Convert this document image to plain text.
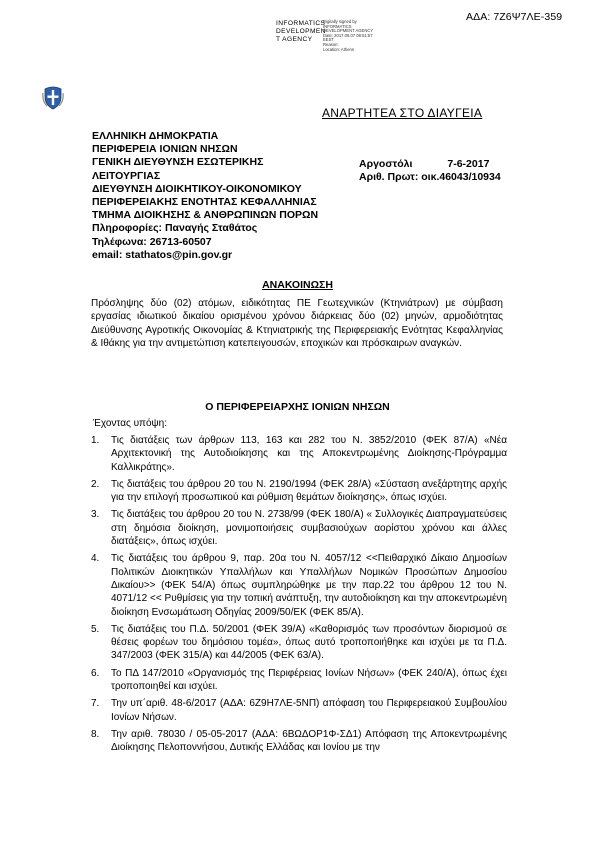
ΑΔΑ: 7Ζ6Ψ7ΛΕ-359
INFORMATICS
DEVELOPMEN
T AGENCY
Digitally signed by
INFORMATICS
DEVELOPMENT AGENCY
Date: 2017.06.07 08:51:57
EEST
Reason:
Location: Athens
ΑΝΑΡΤΗΤΕΑ ΣΤΟ ΔΙΑΥΓΕΙΑ
ΕΛΛΗΝΙΚΗ ΔΗΜΟΚΡΑΤΙΑ
ΠΕΡΙΦΕΡΕΙΑ ΙΟΝΙΩΝ ΝΗΣΩΝ
ΓΕΝΙΚΗ ΔΙΕΥΘΥΝΣΗ ΕΣΩΤΕΡΙΚΗΣ
ΛΕΙΤΟΥΡΓΙΑΣ
ΔΙΕΥΘΥΝΣΗ ΔΙΟΙΚΗΤΙΚΟΥ-ΟΙΚΟΝΟΜΙΚΟΥ
ΠΕΡΙΦΕΡΕΙΑΚΗΣ ΕΝΟΤΗΤΑΣ ΚΕΦΑΛΛΗΝΙΑΣ
ΤΜΗΜΑ ΔΙΟΙΚΗΣΗΣ & ΑΝΘΡΩΠΙΝΩΝ ΠΟΡΩΝ
Πληροφορίες: Παναγής Σταθάτος
Τηλέφωνα: 26713-60507
email: stathatos@pin.gov.gr
Αργοστόλι            7-6-2017
Αριθ. Πρωτ: οικ.46043/10934
ΑΝΑΚΟΙΝΩΣΗ
Πρόσληψης δύο (02) ατόμων, ειδικότητας ΠΕ Γεωτεχνικών (Κτηνιάτρων) με σύμβαση εργασίας ιδιωτικού δικαίου ορισμένου χρόνου διάρκειας δύο (02) μηνών, αρμοδιότητας Διεύθυνσης Αγροτικής Οικονομίας & Κτηνιατρικής της Περιφερειακής Ενότητας Κεφαλληνίας & Ιθάκης για την αντιμετώπιση κατεπειγουσών, εποχικών και πρόσκαιρων αναγκών.
Ο ΠΕΡΙΦΕΡΕΙΑΡΧΗΣ ΙΟΝΙΩΝ ΝΗΣΩΝ
Έχοντας υπόψη:
1. Τις διατάξεις των άρθρων 113, 163 και 282 του Ν. 3852/2010 (ΦΕΚ 87/Α) «Νέα Αρχιτεκτονική της Αυτοδιοίκησης και της Αποκεντρωμένης Διοίκησης-Πρόγραμμα Καλλικράτης».
2. Τις διατάξεις του άρθρου 20 του Ν. 2190/1994 (ΦΕΚ 28/Α) «Σύσταση ανεξάρτητης αρχής για την επιλογή προσωπικού και ρύθμιση θεμάτων διοίκησης», όπως ισχύει.
3. Τις διατάξεις του άρθρου 20 του Ν. 2738/99 (ΦΕΚ 180/Α) « Συλλογικές Διαπραγματεύσεις στη δημόσια διοίκηση, μονιμοποιήσεις συμβασιούχων αορίστου χρόνου και άλλες διατάξεις», όπως ισχύει.
4. Τις διατάξεις του άρθρου 9, παρ. 20α του Ν. 4057/12 <<Πειθαρχικό Δίκαιο Δημοσίων Πολιτικών Διοικητικών Υπαλλήλων και Υπαλλήλων Νομικών Προσώπων Δημοσίου Δικαίου>> (ΦΕΚ 54/Α) όπως συμπληρώθηκε με την παρ.22 του άρθρου 12 του Ν. 4071/12 << Ρυθμίσεις για την τοπική ανάπτυξη, την αυτοδιοίκηση και την αποκεντρωμένη διοίκηση Ενσωμάτωση Οδηγίας 2009/50/ΕΚ (ΦΕΚ 85/Α).
5. Τις διατάξεις του Π.Δ. 50/2001 (ΦΕΚ 39/Α) «Καθορισμός των προσόντων διορισμού σε θέσεις φορέων του δημόσιου τομέα», όπως αυτό τροποποιήθηκε και ισχύει με τα Π.Δ. 347/2003 (ΦΕΚ 315/Α) και 44/2005 (ΦΕΚ 63/Α).
6. Το ΠΔ 147/2010 «Οργανισμός της Περιφέρειας Ιονίων Νήσων» (ΦΕΚ 240/Α), όπως έχει τροποποιηθεί και ισχύει.
7. Την υπ΄αριθ. 48-6/2017 (ΑΔΑ: 6Ζ9Η7ΛΕ-5ΝΠ) απόφαση του Περιφερειακού Συμβουλίου Ιονίων Νήσων.
8. Την αριθ. 78030 / 05-05-2017 (ΑΔΑ: 6ΒΩΔΟΡ1Φ-ΣΔ1) Απόφαση της Αποκεντρωμένης Διοίκησης Πελοποννήσου, Δυτικής Ελλάδας και Ιονίου με την
